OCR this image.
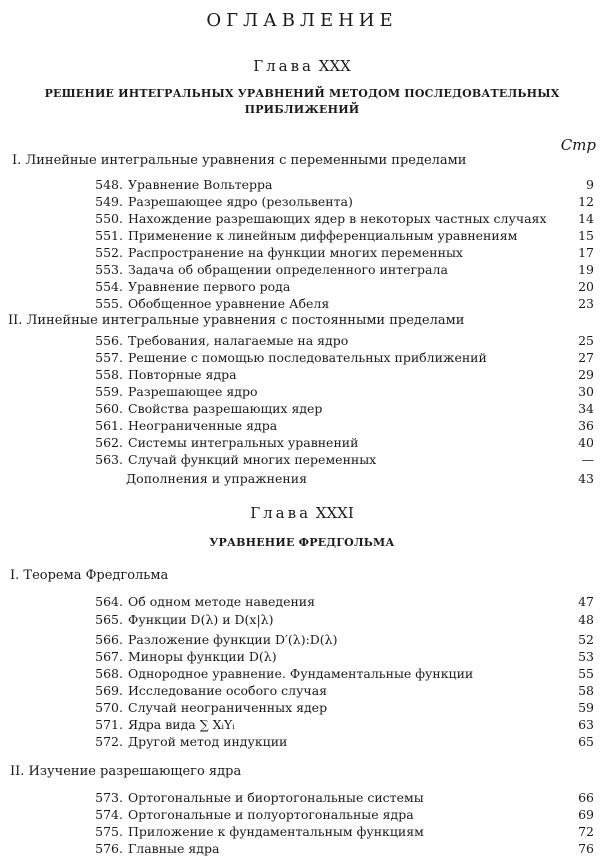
ОГЛАВЛЕНИЕ
Глава XXX
РЕШЕНИЕ ИНТЕГРАЛЬНЫХ УРАВНЕНИЙ МЕТОДОМ ПОСЛЕДОВАТЕЛЬНЫХ
ПРИБЛИЖЕНИЙ
Стр
I. Линейные интегральные уравнения с переменными пределами
548. Уравнение Вольтерра	9
549. Разрешающее ядро (резольвента)	12
550. Нахождение разрешающих ядер в некоторых частных случаях	14
551. Применение к линейным дифференциальным уравнениям	15
552. Распространение на функции многих переменных	17
553. Задача об обращении определенного интеграла	19
554. Уравнение первого рода	20
555. Обобщенное уравнение Абеля	23
II. Линейные интегральные уравнения с постоянными пределами
556. Требования, налагаемые на ядро	25
557. Решение с помощью последовательных приближений	27
558. Повторные ядра	29
559. Разрешающее ядро	30
560. Свойства разрешающих ядер	34
561. Неограниченные ядра	36
562. Системы интегральных уравнений	40
563. Случай функций многих переменных	—
Дополнения и упражнения	43
Глава XXXI
УРАВНЕНИЕ ФРЕДГОЛЬМА
I. Теорема Фредгольма
564. Об одном методе наведения	47
565. Функции D(λ) и D(x|λ)	48
566. Разложение функции D′(λ):D(λ)	52
567. Миноры функции D(λ)	53
568. Однородное уравнение. Фундаментальные функции	55
569. Исследование особого случая	58
570. Случай неограниченных ядер	59
571. Ядра вида ∑ XᵢYᵢ	63
572. Другой метод индукции	65
II. Изучение разрешающего ядра
573. Ортогональные и биортогональные системы	66
574. Ортогональные и полуортогональные ядра	69
575. Приложение к фундаментальным функциям	72
576. Главные ядра	76
